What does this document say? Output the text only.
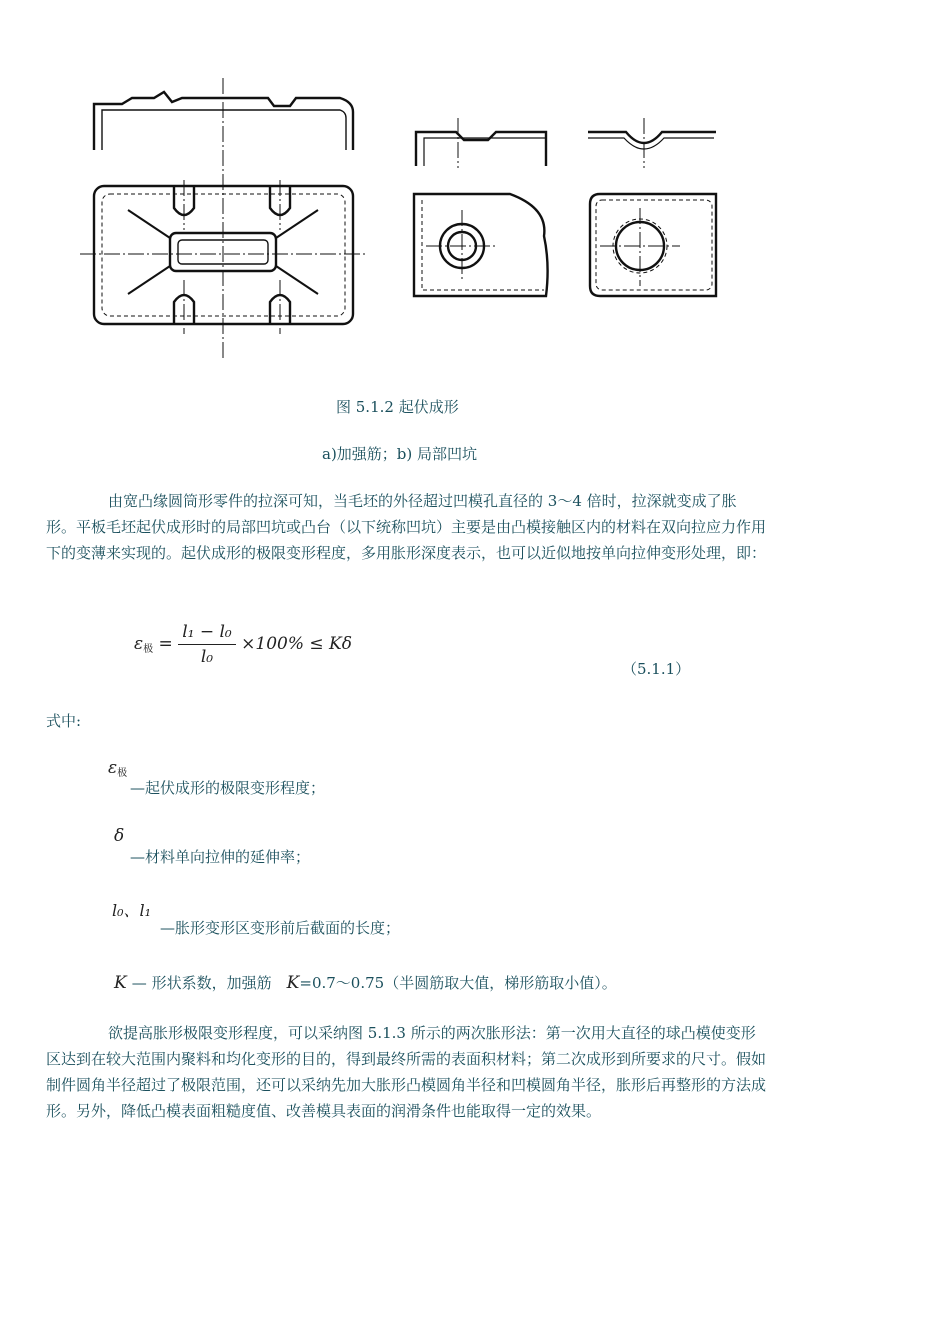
图 5.1.2 起伏成形
a)加强筋；b) 局部凹坑

由宽凸缘圆筒形零件的拉深可知，当毛坯的外径超过凹模孔直径的 3～4 倍时，拉深就变成了胀形。平板毛坯起伏成形时的局部凹坑或凸台（以下统称凹坑）主要是由凸模接触区内的材料在双向拉应力作用下的变薄来实现的。起伏成形的极限变形程度，多用胀形深度表示，也可以近似地按单向拉伸变形处理，即：

$\varepsilon_极 = \frac{\text{l₁ − l₀}}{\text{l₀}} \times 100\% \le K\delta$
（5.1.1）
式中:
$\varepsilon_极$
—起伏成形的极限变形程度；
δ
—材料单向拉伸的延伸率；
l₀、l₁
—胀形变形区变形前后截面的长度；
K — 形状系数，加强筋 K=0.7～0.75（半圆筋取大值，梯形筋取小值）。

欲提高胀形极限变形程度，可以采纳图 5.1.3 所示的两次胀形法：第一次用大直径的球凸模使变形区达到在较大范围内聚料和均化变形的目的，得到最终所需的表面积材料；第二次成形到所要求的尺寸。假如制件圆角半径超过了极限范围，还可以采纳先加大胀形凸模圆角半径和凹模圆角半径，胀形后再整形的方法成形。另外，降低凸模表面粗糙度值、改善模具表面的润滑条件也能取得一定的效果。
